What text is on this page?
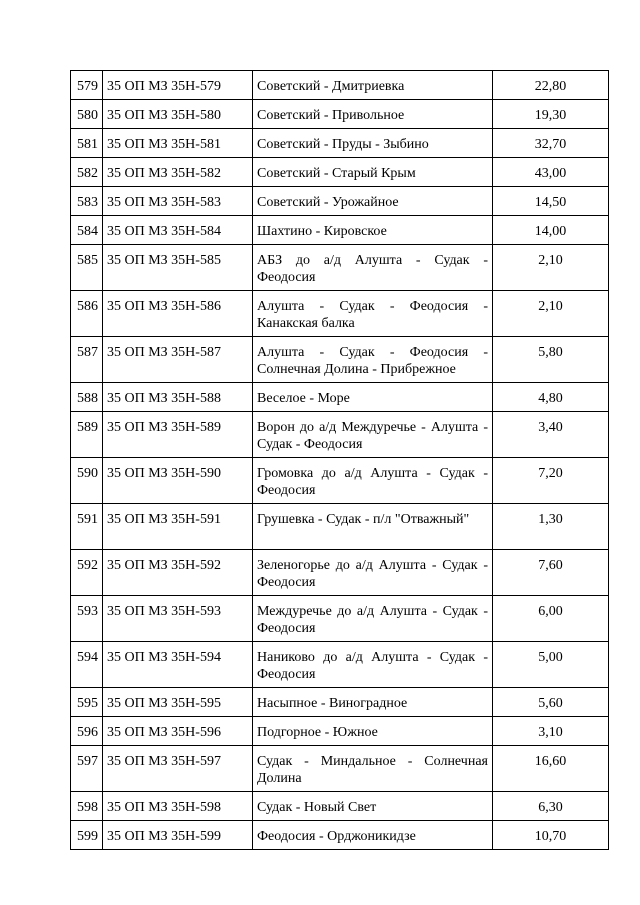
579	35 ОП МЗ 35Н-579	Советский - Дмитриевка	22,80
580	35 ОП МЗ 35Н-580	Советский - Привольное	19,30
581	35 ОП МЗ 35Н-581	Советский - Пруды - Зыбино	32,70
582	35 ОП МЗ 35Н-582	Советский - Старый Крым	43,00
583	35 ОП МЗ 35Н-583	Советский - Урожайное	14,50
584	35 ОП МЗ 35Н-584	Шахтино - Кировское	14,00
585	35 ОП МЗ 35Н-585	АБЗ до а/д Алушта - Судак - Феодосия	2,10
586	35 ОП МЗ 35Н-586	Алушта - Судак - Феодосия - Канакская балка	2,10
587	35 ОП МЗ 35Н-587	Алушта - Судак - Феодосия - Солнечная Долина - Прибрежное	5,80
588	35 ОП МЗ 35Н-588	Веселое - Море	4,80
589	35 ОП МЗ 35Н-589	Ворон до а/д Междуречье - Алушта - Судак - Феодосия	3,40
590	35 ОП МЗ 35Н-590	Громовка до а/д Алушта - Судак - Феодосия	7,20
591	35 ОП МЗ 35Н-591	Грушевка - Судак - п/л "Отважный"	1,30
592	35 ОП МЗ 35Н-592	Зеленогорье до а/д Алушта - Судак - Феодосия	7,60
593	35 ОП МЗ 35Н-593	Междуречье до а/д Алушта - Судак - Феодосия	6,00
594	35 ОП МЗ 35Н-594	Наниково до а/д Алушта - Судак - Феодосия	5,00
595	35 ОП МЗ 35Н-595	Насыпное - Виноградное	5,60
596	35 ОП МЗ 35Н-596	Подгорное - Южное	3,10
597	35 ОП МЗ 35Н-597	Судак - Миндальное - Солнечная Долина	16,60
598	35 ОП МЗ 35Н-598	Судак - Новый Свет	6,30
599	35 ОП МЗ 35Н-599	Феодосия - Орджоникидзе	10,70
